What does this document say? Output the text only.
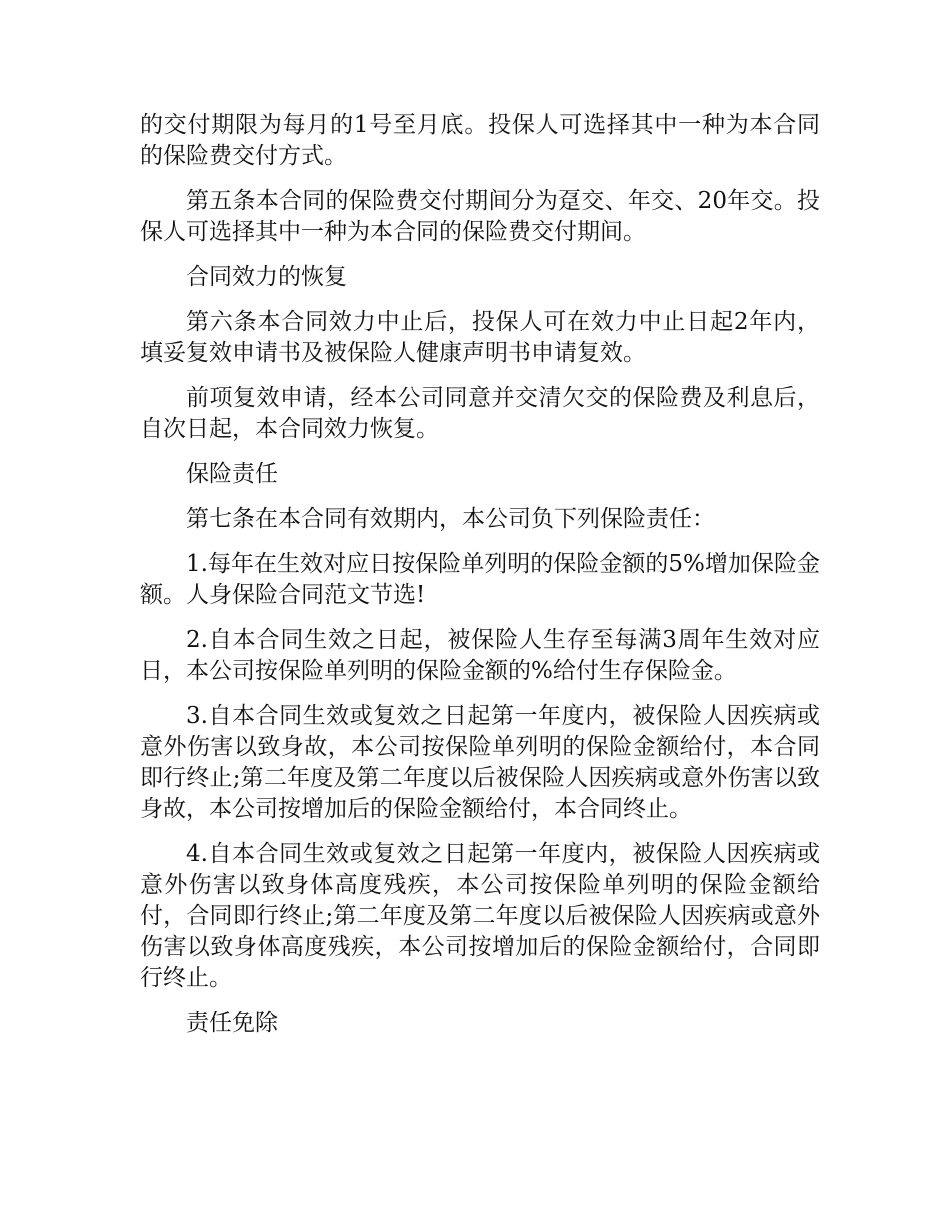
的交付期限为每月的1号至月底。投保人可选择其中一种为本合同的保险费交付方式。

第五条本合同的保险费交付期间分为趸交、年交、20年交。投保人可选择其中一种为本合同的保险费交付期间。

合同效力的恢复

第六条本合同效力中止后，投保人可在效力中止日起2年内，填妥复效申请书及被保险人健康声明书申请复效。

前项复效申请，经本公司同意并交清欠交的保险费及利息后，自次日起，本合同效力恢复。

保险责任

第七条在本合同有效期内，本公司负下列保险责任：

1.每年在生效对应日按保险单列明的保险金额的5%增加保险金额。人身保险合同范文节选!

2.自本合同生效之日起，被保险人生存至每满3周年生效对应日，本公司按保险单列明的保险金额的%给付生存保险金。

3.自本合同生效或复效之日起第一年度内，被保险人因疾病或意外伤害以致身故，本公司按保险单列明的保险金额给付，本合同即行终止;第二年度及第二年度以后被保险人因疾病或意外伤害以致身故，本公司按增加后的保险金额给付，本合同终止。

4.自本合同生效或复效之日起第一年度内，被保险人因疾病或意外伤害以致身体高度残疾，本公司按保险单列明的保险金额给付，合同即行终止;第二年度及第二年度以后被保险人因疾病或意外伤害以致身体高度残疾，本公司按增加后的保险金额给付，合同即行终止。

责任免除
